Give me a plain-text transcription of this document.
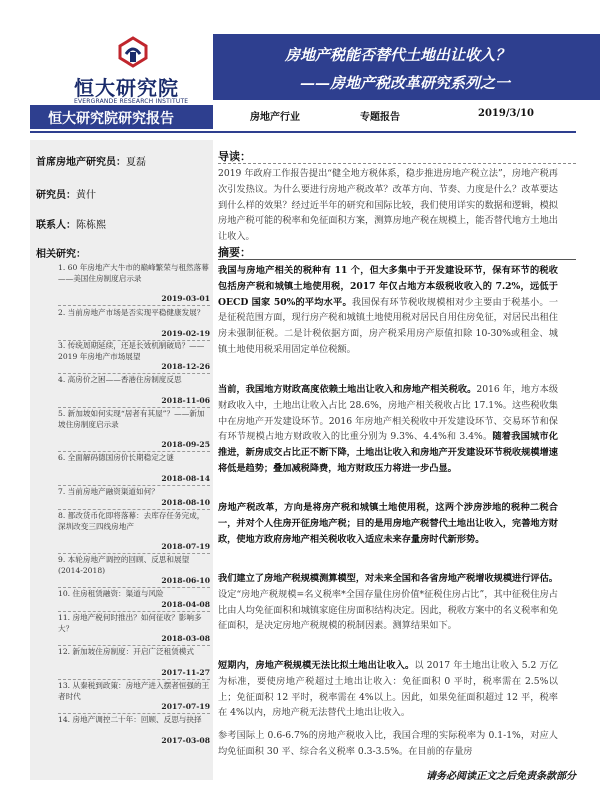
恒大研究院
EVERGRANDE RESEARCH INSTITUTE
房地产税能否替代土地出让收入？
——房地产税改革研究系列之一
恒大研究院研究报告	房地产行业	专题报告	2019/3/10
首席房地产研究员：夏磊
研究员：黄什
联系人：陈栋熙
相关研究：
1. 60 年房地产大牛市的巅峰繁荣与租然落幕——美国住房制度启示录
2019-03-01
2. 当前房地产市场是否实现平稳健康发展？
2019-02-19
3. 传统周期延续，还是长效机制破局？——2019 年房地产市场展望
2018-12-26
4. 高房价之困——香港住房制度反思
2018-11-06
5. 新加坡如何实现“居者有其屋”？——新加坡住房制度启示录
2018-09-25
6. 全面解码德国房价长期稳定之谜
2018-08-14
7. 当前房地产融资渠道如何？
2018-08-10
8. 都改货币化即将落幕：去库存任务完成，深圳改变三四线房地产
2018-07-19
9. 本轮房地产调控的回顾、反思和展望(2014-2018)
2018-06-10
10. 住房租赁融资：渠道与风险
2018-04-08
11. 房地产税何时推出？如何征收？影响多大？
2018-03-08
12. 新加坡住房制度：开启广泛租赁模式
2017-11-27
13. 从秦税到政策：房地产进入摆者恒强的王者时代
2017-07-19
14. 房地产调控二十年：回顾、反思与抉择
2017-03-08
导读：
2019 年政府工作报告提出“健全地方税体系，稳步推进房地产税立法”，房地产税再次引发热议。为什么要进行房地产税改革？改革方向、节奏、力度是什么？改革要达到什么样的效果？经过近半年的研究和国际比较，我们使用详实的数据和逻辑，模拟房地产税可能的税率和免征面积方案，测算房地产税在规模上，能否替代地方土地出让收入。
摘要：
我国与房地产相关的税种有 11 个，但大多集中于开发建设环节，保有环节的税收包括房产税和城镇土地使用税，2017 年仅占地方本级税收收入的 7.2%，远低于 OECD 国家 50%的平均水平。我国保有环节税收规模相对少主要由于税基小。一是征税范围方面，现行房产税和城镇土地使用税对居民自用住房免征，对居民出租住房未强制征税。二是计税依据方面，房产税采用房产原值扣除 10-30%或租金、城镇土地使用税采用固定单位税额。
当前，我国地方财政高度依赖土地出让收入和房地产相关税收。2016 年，地方本级财政收入中，土地出让收入占比 28.6%，房地产相关税收占比 17.1%。这些税收集中在房地产开发建设环节。2016 年房地产相关税收中开发建设环节、交易环节和保有环节规模占地方财政收入的比重分别为 9.3%、4.4%和 3.4%。随着我国城市化推进，新房成交占比正不断下降，土地出让收入和房地产开发建设环节税收规模增速将低是趋势；叠加减税降费，地方财政压力将进一步凸显。
房地产税改革，方向是将房产税和城镇土地使用税，这两个涉房涉地的税种二税合一，并对个人住房开征房地产税；目的是用房地产税替代土地出让收入，完善地方财政，使地方政府房地产相关税收收入适应未来存量房时代新形势。
我们建立了房地产税规模测算模型，对未来全国和各省房地产税增收规模进行评估。设定“房地产税规模=名义税率*全国存量住房价值*征税住房占比”，其中征税住房占比由人均免征面积和城镇家庭住房面积结构决定。因此，税收方案中的名义税率和免征面积，是决定房地产税规模的税制因素。测算结果如下。
短期内，房地产税规模无法比拟土地出让收入。以 2017 年土地出让收入 5.2 万亿为标准，要使房地产税超过土地出让收入：免征面积 0 平时，税率需在 2.5%以上；免征面积 12 平时，税率需在 4%以上。因此，如果免征面积超过 12 平，税率在 4%以内，房地产税无法替代土地出让收入。
参考国际上 0.6-6.7%的房地产税收入比，我国合理的实际税率为 0.1-1%，对应人均免征面积 30 平、综合名义税率 0.3-3.5%。在目前的存量房
请务必阅读正文之后免责条款部分
